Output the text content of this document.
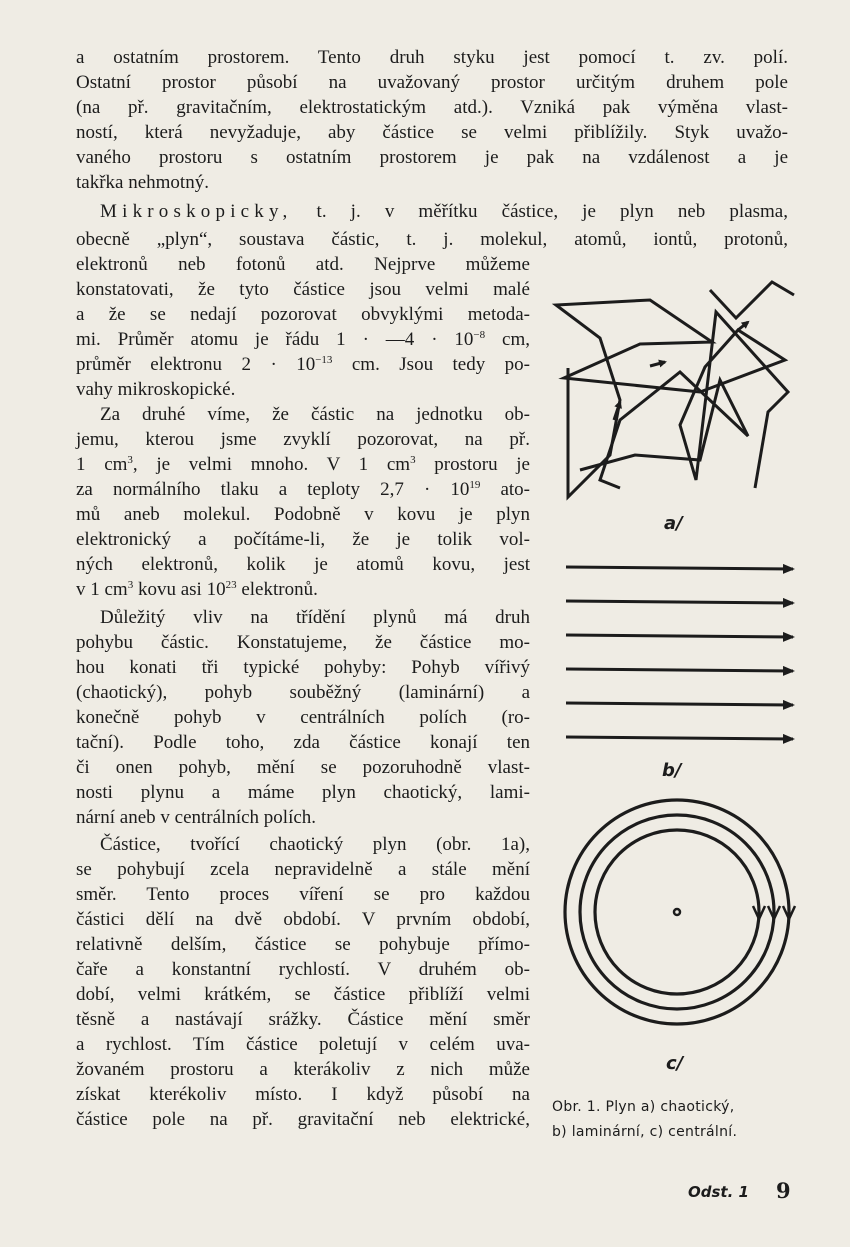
a ostatním prostorem. Tento druh styku jest pomocí t. zv. polí.
Ostatní prostor působí na uvažovaný prostor určitým druhem pole
(na př. gravitačním, elektrostatickým atd.). Vzniká pak výměna vlast-
ností, která nevyžaduje, aby částice se velmi přiblížily. Styk uvažo-
vaného prostoru s ostatním prostorem je pak na vzdálenost a je
takřka nehmotný.
Mikroskopicky, t. j. v měřítku částice, je plyn neb plasma,
obecně „plyn“, soustava částic, t. j. molekul, atomů, iontů, protonů,
elektronů neb fotonů atd. Nejprve můžeme
konstatovati, že tyto částice jsou velmi malé
a že se nedají pozorovat obvyklými metoda-
mi. Průměr atomu je řádu 1 · —4 · $10^{-8}$ cm,
průměr elektronu $2 \cdot 10^{-13}$ cm. Jsou tedy po-
vahy mikroskopické.
Za druhé víme, že částic na jednotku ob-
jemu, kterou jsme zvyklí pozorovat, na př.
1 $cm^3$, je velmi mnoho. V 1 $cm^3$ prostoru je
za normálního tlaku a teploty $2,7 \cdot 10^{19}$ ato-
mů aneb molekul. Podobně v kovu je plyn
elektronický a počítáme-li, že je tolik vol-
ných elektronů, kolik je atomů kovu, jest
v 1 $cm^3$ kovu asi $10^{23}$ elektronů.
Důležitý vliv na třídění plynů má druh
pohybu částic. Konstatujeme, že částice mo-
hou konati tři typické pohyby: Pohyb vířivý
(chaotický), pohyb souběžný (laminární) a
konečně pohyb v centrálních polích (ro-
tační). Podle toho, zda částice konají ten
či onen pohyb, mění se pozoruhodně vlast-
nosti plynu a máme plyn chaotický, lami-
nární aneb v centrálních polích.
Částice, tvořící chaotický plyn (obr. 1a),
se pohybují zcela nepravidelně a stále mění
směr. Tento proces víření se pro každou
částici dělí na dvě období. V prvním období,
relativně delším, částice se pohybuje přímo-
čaře a konstantní rychlostí. V druhém ob-
dobí, velmi krátkém, se částice přiblíží velmi
těsně a nastávají srážky. Částice mění směr
a rychlost. Tím částice poletují v celém uva-
žovaném prostoru a kterákoliv z nich může
získat kterékoliv místo. I když působí na
částice pole na př. gravitační neb elektrické,
a/
b/
c/
Obr. 1. Plyn a) chaotický,
b) laminární, c) centrální.
Odst. 1 9
